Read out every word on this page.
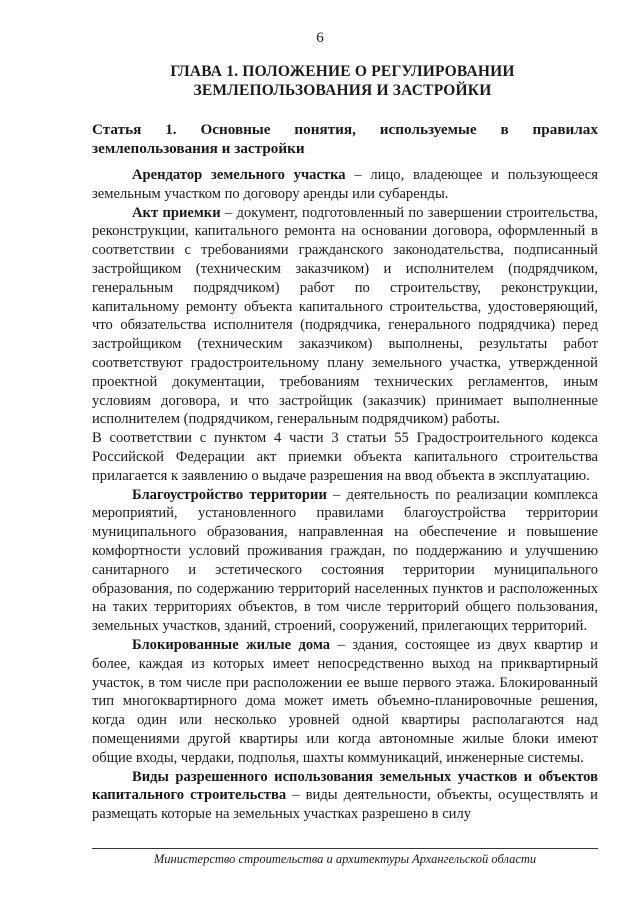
6
ГЛАВА 1. ПОЛОЖЕНИЕ О РЕГУЛИРОВАНИИ ЗЕМЛЕПОЛЬЗОВАНИЯ И ЗАСТРОЙКИ
Статья 1. Основные понятия, используемые в правилах землепользования и застройки

Арендатор земельного участка – лицо, владеющее и пользующееся земельным участком по договору аренды или субаренды.

Акт приемки – документ, подготовленный по завершении строительства, реконструкции, капитального ремонта на основании договора, оформленный в соответствии с требованиями гражданского законодательства, подписанный застройщиком (техническим заказчиком) и исполнителем (подрядчиком, генеральным подрядчиком) работ по строительству, реконструкции, капитальному ремонту объекта капитального строительства, удостоверяющий, что обязательства исполнителя (подрядчика, генерального подрядчика) перед застройщиком (техническим заказчиком) выполнены, результаты работ соответствуют градостроительному плану земельного участка, утвержденной проектной документации, требованиям технических регламентов, иным условиям договора, и что застройщик (заказчик) принимает выполненные исполнителем (подрядчиком, генеральным подрядчиком) работы.

В соответствии с пунктом 4 части 3 статьи 55 Градостроительного кодекса Российской Федерации акт приемки объекта капитального строительства прилагается к заявлению о выдаче разрешения на ввод объекта в эксплуатацию.

Благоустройство территории – деятельность по реализации комплекса мероприятий, установленного правилами благоустройства территории муниципального образования, направленная на обеспечение и повышение комфортности условий проживания граждан, по поддержанию и улучшению санитарного и эстетического состояния территории муниципального образования, по содержанию территорий населенных пунктов и расположенных на таких территориях объектов, в том числе территорий общего пользования, земельных участков, зданий, строений, сооружений, прилегающих территорий.

Блокированные жилые дома – здания, состоящее из двух квартир и более, каждая из которых имеет непосредственно выход на приквартирный участок, в том числе при расположении ее выше первого этажа. Блокированный тип многоквартирного дома может иметь объемно-планировочные решения, когда один или несколько уровней одной квартиры располагаются над помещениями другой квартиры или когда автономные жилые блоки имеют общие входы, чердаки, подполья, шахты коммуникаций, инженерные системы.

Виды разрешенного использования земельных участков и объектов капитального строительства – виды деятельности, объекты, осуществлять и размещать которые на земельных участках разрешено в силу

Министерство строительства и архитектуры Архангельской области
